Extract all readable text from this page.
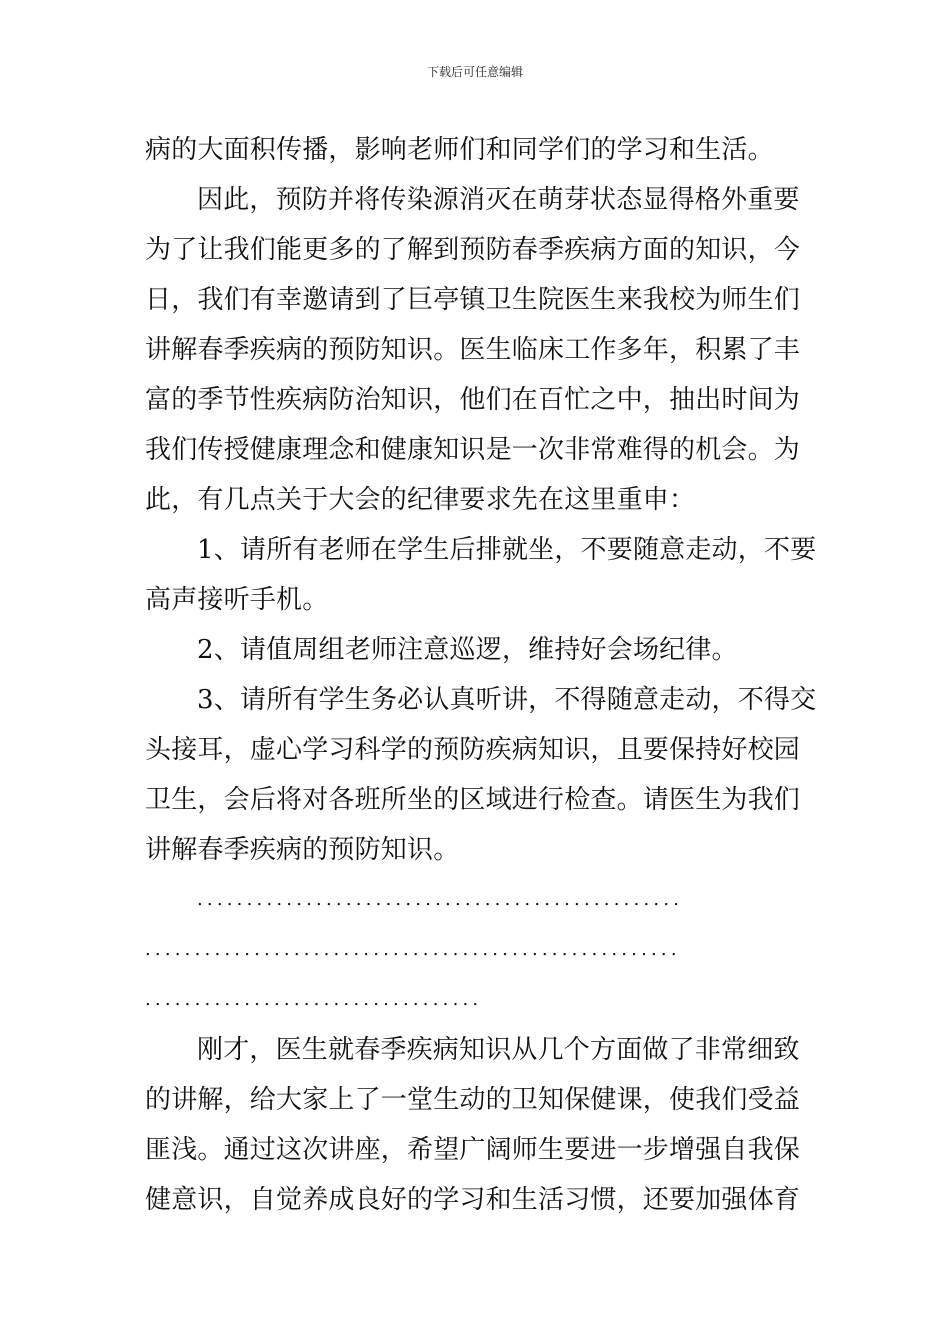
下载后可任意编辑
病的大面积传播，影响老师们和同学们的学习和生活。
因此，预防并将传染源消灭在萌芽状态显得格外重要
为了让我们能更多的了解到预防春季疾病方面的知识，今
日，我们有幸邀请到了巨亭镇卫生院医生来我校为师生们
讲解春季疾病的预防知识。医生临床工作多年，积累了丰
富的季节性疾病防治知识，他们在百忙之中，抽出时间为
我们传授健康理念和健康知识是一次非常难得的机会。为
此，有几点关于大会的纪律要求先在这里重申：
1、请所有老师在学生后排就坐，不要随意走动，不要
高声接听手机。
2、请值周组老师注意巡逻，维持好会场纪律。
3、请所有学生务必认真听讲，不得随意走动，不得交
头接耳，虚心学习科学的预防疾病知识，且要保持好校园
卫生，会后将对各班所坐的区域进行检查。请医生为我们
讲解春季疾病的预防知识。
.................................................
......................................................
..................................
刚才，医生就春季疾病知识从几个方面做了非常细致
的讲解，给大家上了一堂生动的卫知保健课，使我们受益
匪浅。通过这次讲座，希望广阔师生要进一步增强自我保
健意识，自觉养成良好的学习和生活习惯，还要加强体育
